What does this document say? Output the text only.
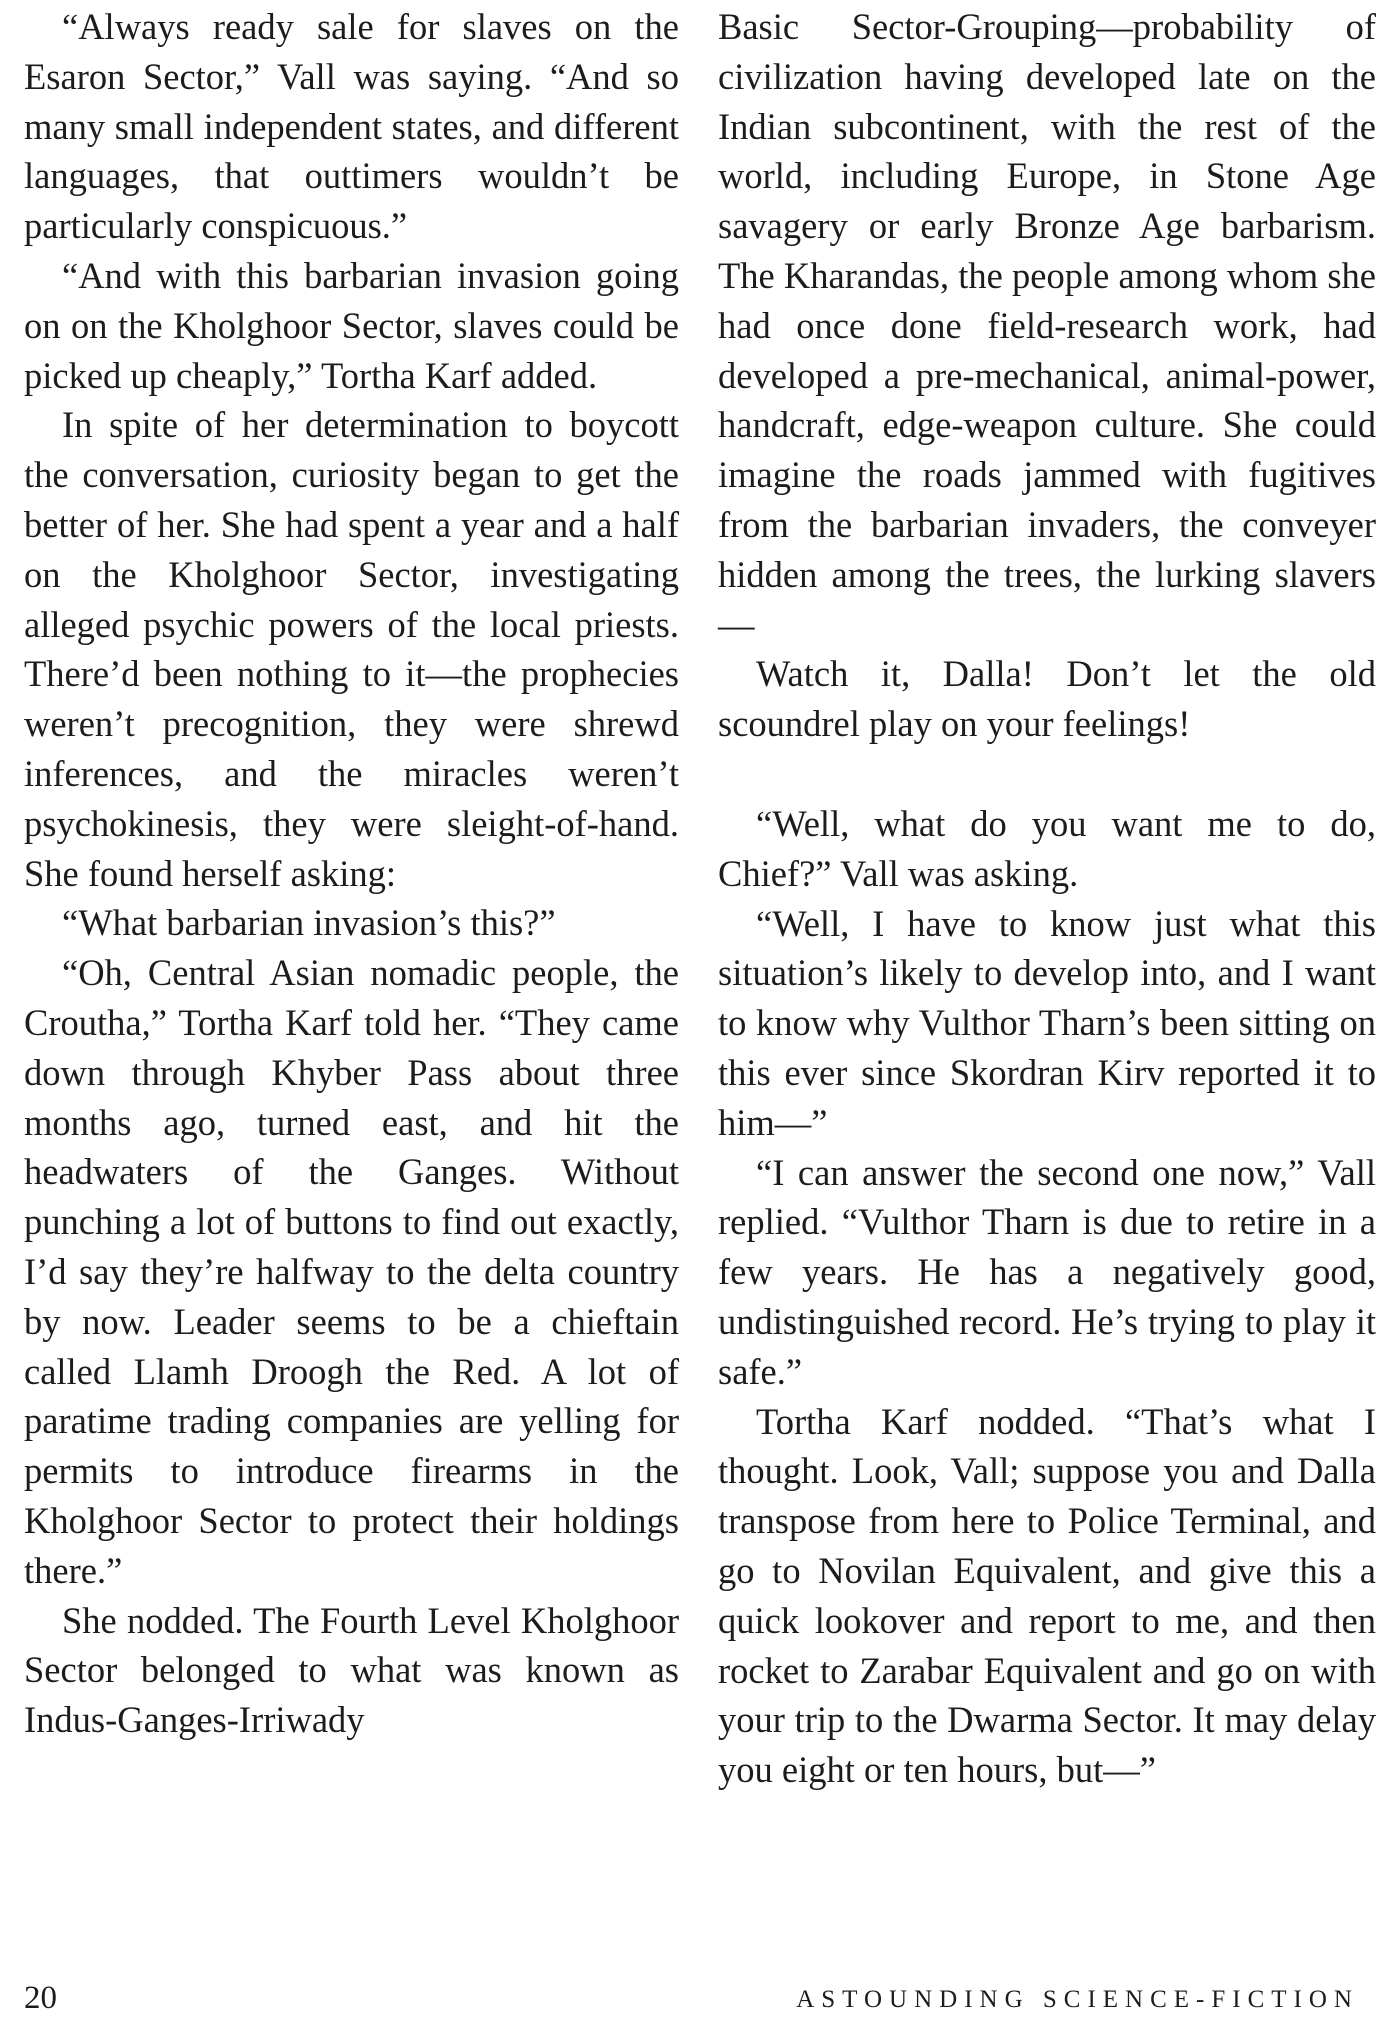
“Always ready sale for slaves on the Esaron Sector,” Vall was saying. “And so many small independent states, and different languages, that outtimers wouldn’t be particularly conspicuous.”

“And with this barbarian invasion going on on the Kholghoor Sector, slaves could be picked up cheaply,” Tortha Karf added.

In spite of her determination to boycott the conversation, curiosity began to get the better of her. She had spent a year and a half on the Kholghoor Sector, investigating alleged psychic powers of the local priests. There’d been nothing to it—the prophecies weren’t precognition, they were shrewd inferences, and the miracles weren’t psychokinesis, they were sleight-of-hand. She found herself asking:

“What barbarian invasion’s this?”

“Oh, Central Asian nomadic people, the Croutha,” Tortha Karf told her. “They came down through Khyber Pass about three months ago, turned east, and hit the headwaters of the Ganges. Without punching a lot of buttons to find out exactly, I’d say they’re halfway to the delta country by now. Leader seems to be a chieftain called Llamh Droogh the Red. A lot of paratime trading companies are yelling for permits to introduce firearms in the Kholghoor Sector to protect their holdings there.”

She nodded. The Fourth Level Kholghoor Sector belonged to what was known as Indus-Ganges-Irriwady

Basic Sector-Grouping—probability of civilization having developed late on the Indian subcontinent, with the rest of the world, including Europe, in Stone Age savagery or early Bronze Age barbarism. The Kharandas, the people among whom she had once done field-research work, had developed a pre-mechanical, animal-power, handcraft, edge-weapon culture. She could imagine the roads jammed with fugitives from the barbarian invaders, the conveyer hidden among the trees, the lurking slavers—

Watch it, Dalla! Don’t let the old scoundrel play on your feelings!

“Well, what do you want me to do, Chief?” Vall was asking.

“Well, I have to know just what this situation’s likely to develop into, and I want to know why Vulthor Tharn’s been sitting on this ever since Skordran Kirv reported it to him—”

“I can answer the second one now,” Vall replied. “Vulthor Tharn is due to retire in a few years. He has a negatively good, undistinguished record. He’s trying to play it safe.”

Tortha Karf nodded. “That’s what I thought. Look, Vall; suppose you and Dalla transpose from here to Police Terminal, and go to Novilan Equivalent, and give this a quick lookover and report to me, and then rocket to Zarabar Equivalent and go on with your trip to the Dwarma Sector. It may delay you eight or ten hours, but—”

20	ASTOUNDING SCIENCE-FICTION
